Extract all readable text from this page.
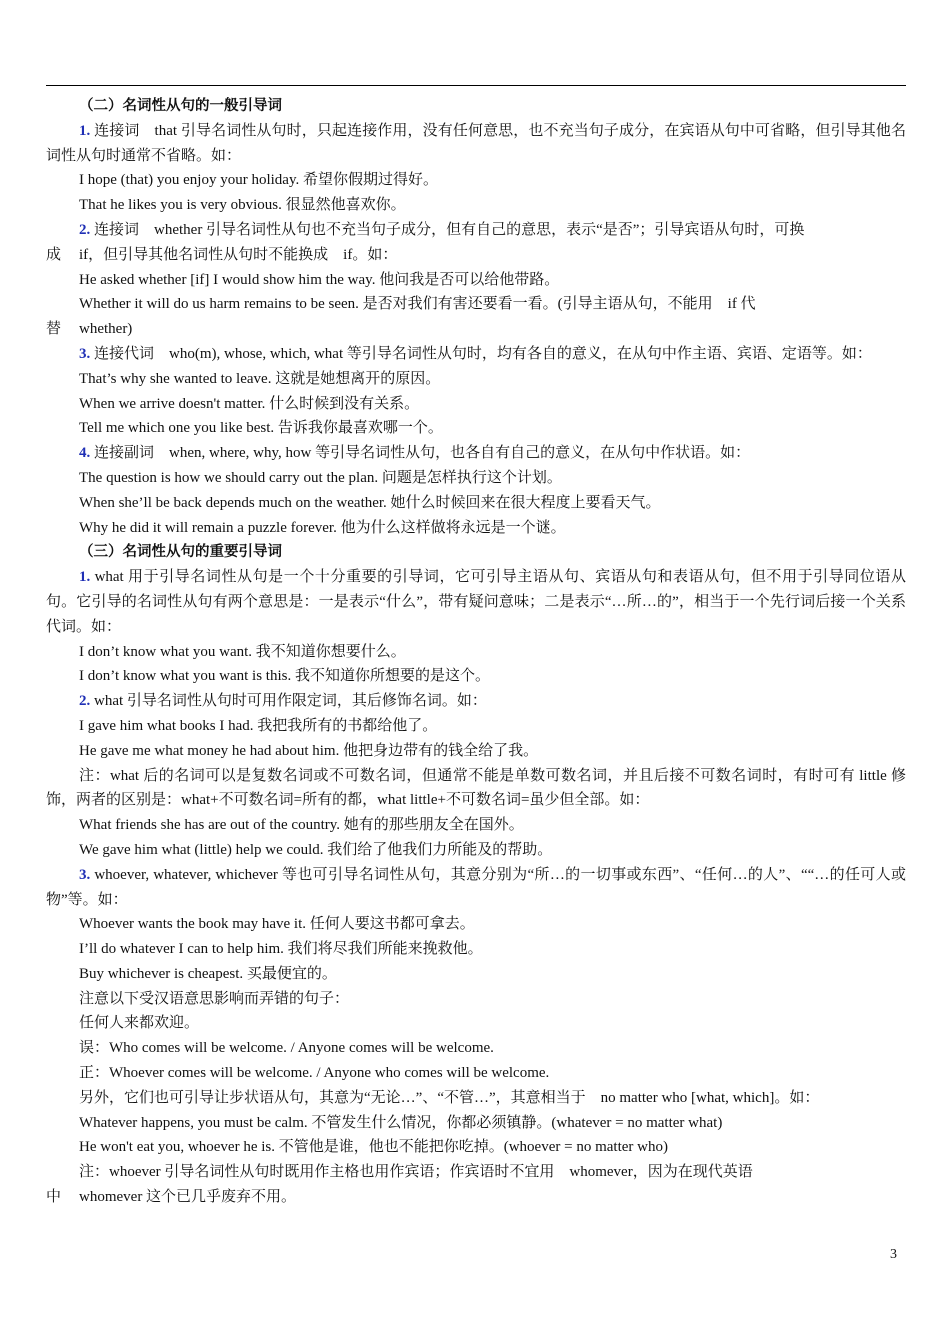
（二）名词性从句的一般引导词

1. 连接词　that 引导名词性从句时，只起连接作用，没有任何意思，也不充当句子成分，在宾语从句中可省略，但引导其他名词性从句时通常不省略。如：

I hope (that) you enjoy your holiday. 希望你假期过得好。

That he likes you is very obvious. 很显然他喜欢你。

2. 连接词　whether 引导名词性从句也不充当句子成分，但有自己的意思，表示“是否”；引导宾语从句时，可换

成 if，但引导其他名词性从句时不能换成　if。如：

He asked whether [if] I would show him the way. 他问我是否可以给他带路。

Whether it will do us harm remains to be seen. 是否对我们有害还要看一看。(引导主语从句，不能用　if 代

替 whether)

3. 连接代词　who(m), whose, which, what 等引导名词性从句时，均有各自的意义，在从句中作主语、宾语、定语等。如：

That’s why she wanted to leave. 这就是她想离开的原因。

When we arrive doesn't matter. 什么时候到没有关系。

Tell me which one you like best. 告诉我你最喜欢哪一个。

4. 连接副词　when, where, why, how 等引导名词性从句，也各自有自己的意义，在从句中作状语。如：

The question is how we should carry out the plan. 问题是怎样执行这个计划。

When she’ll be back depends much on the weather. 她什么时候回来在很大程度上要看天气。

Why he did it will remain a puzzle forever. 他为什么这样做将永远是一个谜。

（三）名词性从句的重要引导词

1. what 用于引导名词性从句是一个十分重要的引导词，它可引导主语从句、宾语从句和表语从句，但不用于引导同位语从句。它引导的名词性从句有两个意思是：一是表示“什么”，带有疑问意味；二是表示“…所…的”，相当于一个先行词后接一个关系代词。如：

I don’t know what you want. 我不知道你想要什么。

I don’t know what you want is this. 我不知道你所想要的是这个。

2. what 引导名词性从句时可用作限定词，其后修饰名词。如：

I gave him what books I had. 我把我所有的书都给他了。

He gave me what money he had about him. 他把身边带有的钱全给了我。

注：what 后的名词可以是复数名词或不可数名词，但通常不能是单数可数名词，并且后接不可数名词时，有时可有 little 修饰，两者的区别是：what+不可数名词=所有的都，what little+不可数名词=虽少但全部。如：

What friends she has are out of the country. 她有的那些朋友全在国外。

We gave him what (little) help we could. 我们给了他我们力所能及的帮助。

3. whoever, whatever, whichever 等也可引导名词性从句，其意分别为“所…的一切事或东西”、“任何…的人”、““…的任可人或物”等。如：

Whoever wants the book may have it. 任何人要这书都可拿去。

I’ll do whatever I can to help him. 我们将尽我们所能来挽救他。

Buy whichever is cheapest. 买最便宜的。

注意以下受汉语意思影响而弄错的句子：

任何人来都欢迎。

误：Who comes will be welcome. / Anyone comes will be welcome.

正：Whoever comes will be welcome. / Anyone who comes will be welcome.

另外，它们也可引导让步状语从句，其意为“无论…”、“不管…”，其意相当于　no matter who [what, which]。如：

Whatever happens, you must be calm. 不管发生什么情况，你都必须镇静。(whatever = no matter what)

He won't eat you, whoever he is. 不管他是谁，他也不能把你吃掉。(whoever = no matter who)

注：whoever 引导名词性从句时既用作主格也用作宾语；作宾语时不宜用　whomever，因为在现代英语

中 whomever 这个已几乎废弃不用。

3
